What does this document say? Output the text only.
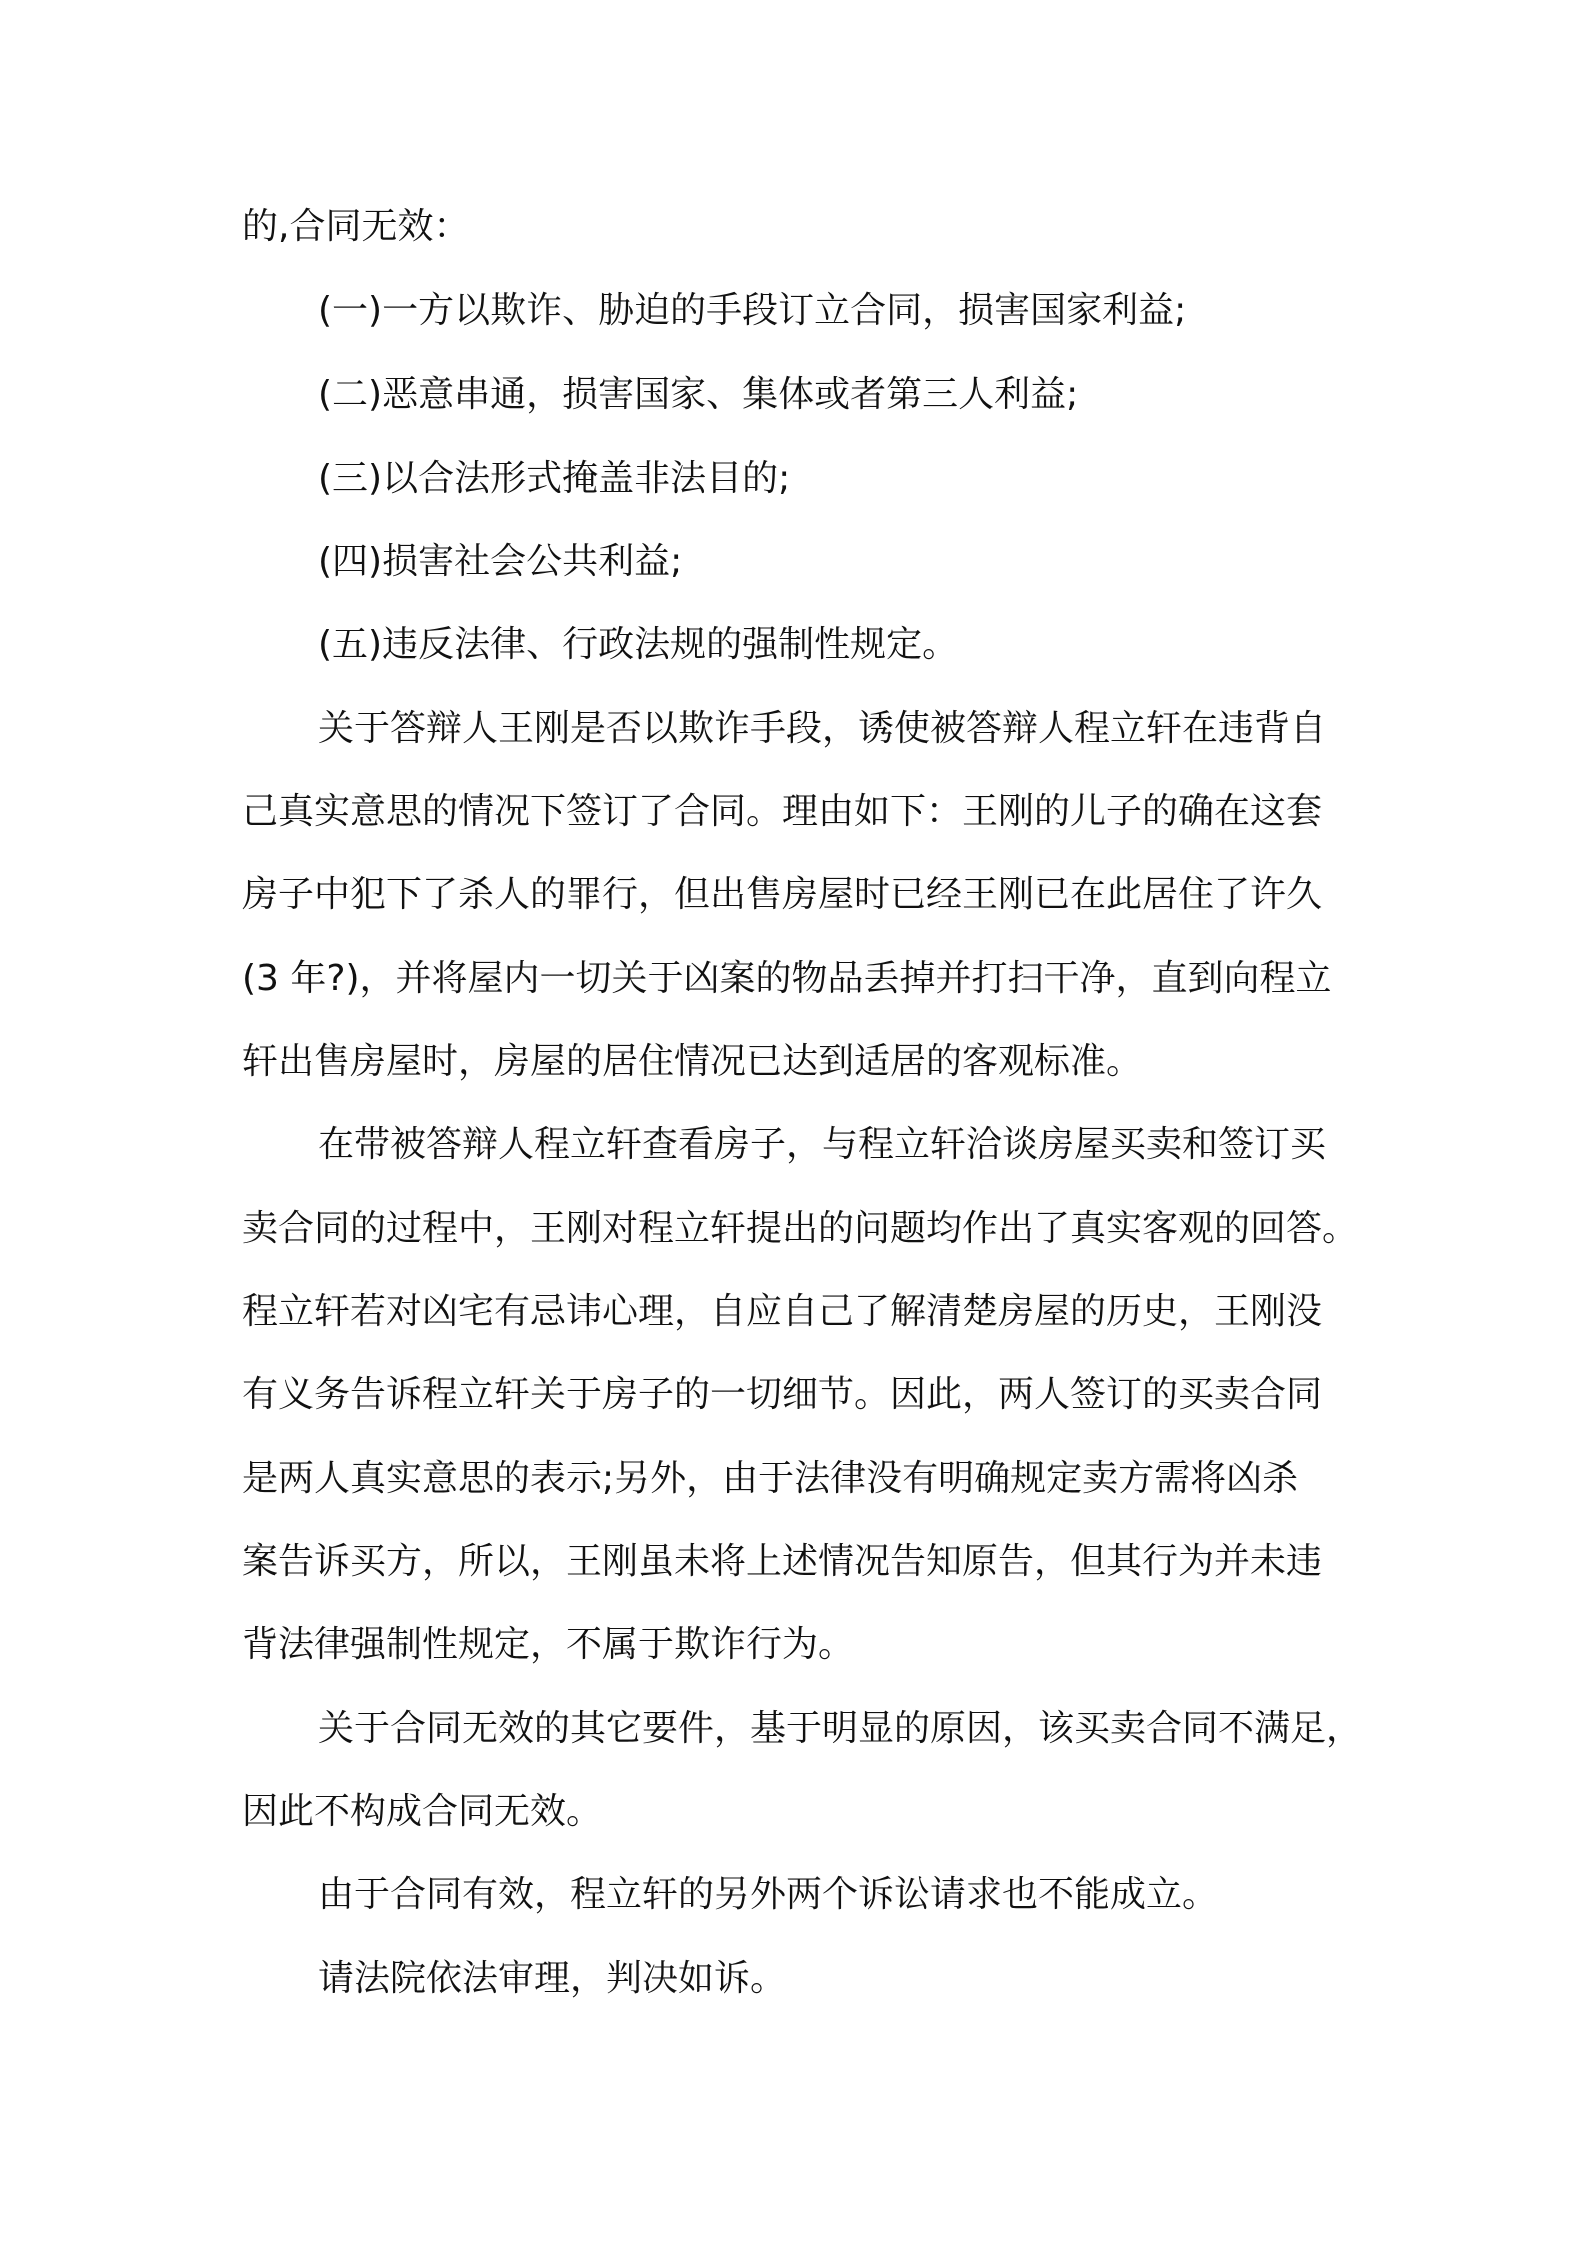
的,合同无效：
(一)一方以欺诈、胁迫的手段订立合同，损害国家利益;
(二)恶意串通，损害国家、集体或者第三人利益;
(三)以合法形式掩盖非法目的;
(四)损害社会公共利益;
(五)违反法律、行政法规的强制性规定。
关于答辩人王刚是否以欺诈手段，诱使被答辩人程立轩在违背自
己真实意思的情况下签订了合同。理由如下：王刚的儿子的确在这套
房子中犯下了杀人的罪行，但出售房屋时已经王刚已在此居住了许久
(3 年?)，并将屋内一切关于凶案的物品丢掉并打扫干净，直到向程立
轩出售房屋时，房屋的居住情况已达到适居的客观标准。
在带被答辩人程立轩查看房子，与程立轩洽谈房屋买卖和签订买
卖合同的过程中，王刚对程立轩提出的问题均作出了真实客观的回答。
程立轩若对凶宅有忌讳心理，自应自己了解清楚房屋的历史，王刚没
有义务告诉程立轩关于房子的一切细节。因此，两人签订的买卖合同
是两人真实意思的表示;另外，由于法律没有明确规定卖方需将凶杀
案告诉买方，所以，王刚虽未将上述情况告知原告，但其行为并未违
背法律强制性规定，不属于欺诈行为。
关于合同无效的其它要件，基于明显的原因，该买卖合同不满足，
因此不构成合同无效。
由于合同有效，程立轩的另外两个诉讼请求也不能成立。
请法院依法审理，判决如诉。
